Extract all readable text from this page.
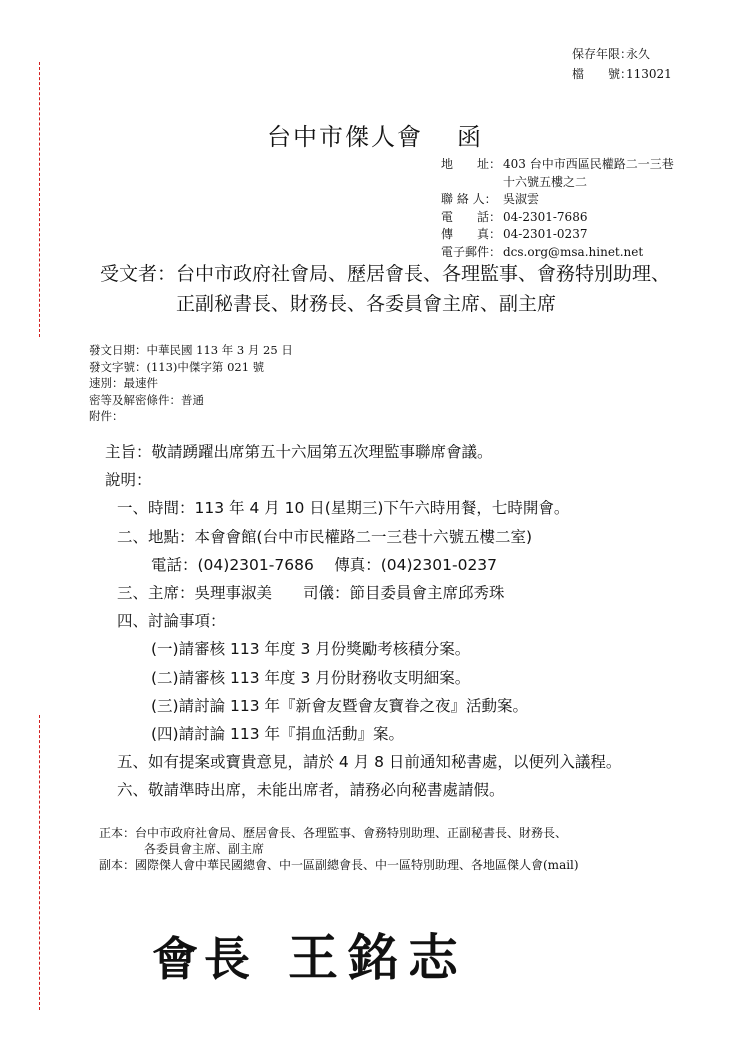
保存年限：永久
檔　　號：113021
台中市傑人會 函
地　　址： 403 台中市西區民權路二一三巷
十六號五樓之二
聯 絡 人： 吳淑雲
電　　話： 04-2301-7686
傳　　真： 04-2301-0237
電子郵件： dcs.org@msa.hinet.net
受文者：台中市政府社會局、歷居會長、各理監事、會務特別助理、
正副秘書長、財務長、各委員會主席、副主席
發文日期：中華民國 113 年 3 月 25 日
發文字號：(113)中傑字第 021 號
速別：最速件
密等及解密條件：普通
附件：
主旨：敬請踴躍出席第五十六屆第五次理監事聯席會議。
說明：
一、時間：113 年 4 月 10 日(星期三)下午六時用餐，七時開會。
二、地點：本會會館(台中市民權路二一三巷十六號五樓二室)
電話：(04)2301-7686　 傳真：(04)2301-0237
三、主席：吳理事淑美　　司儀：節目委員會主席邱秀珠
四、討論事項：
(一)請審核 113 年度 3 月份獎勵考核積分案。
(二)請審核 113 年度 3 月份財務收支明細案。
(三)請討論 113 年『新會友暨會友寶眷之夜』活動案。
(四)請討論 113 年『捐血活動』案。
五、如有提案或寶貴意見，請於 4 月 8 日前通知秘書處，以便列入議程。
六、敬請準時出席，未能出席者，請務必向秘書處請假。
正本：台中市政府社會局、歷居會長、各理監事、會務特別助理、正副秘書長、財務長、
各委員會主席、副主席
副本：國際傑人會中華民國總會、中一區副總會長、中一區特別助理、各地區傑人會(mail)
會長 王銘志
